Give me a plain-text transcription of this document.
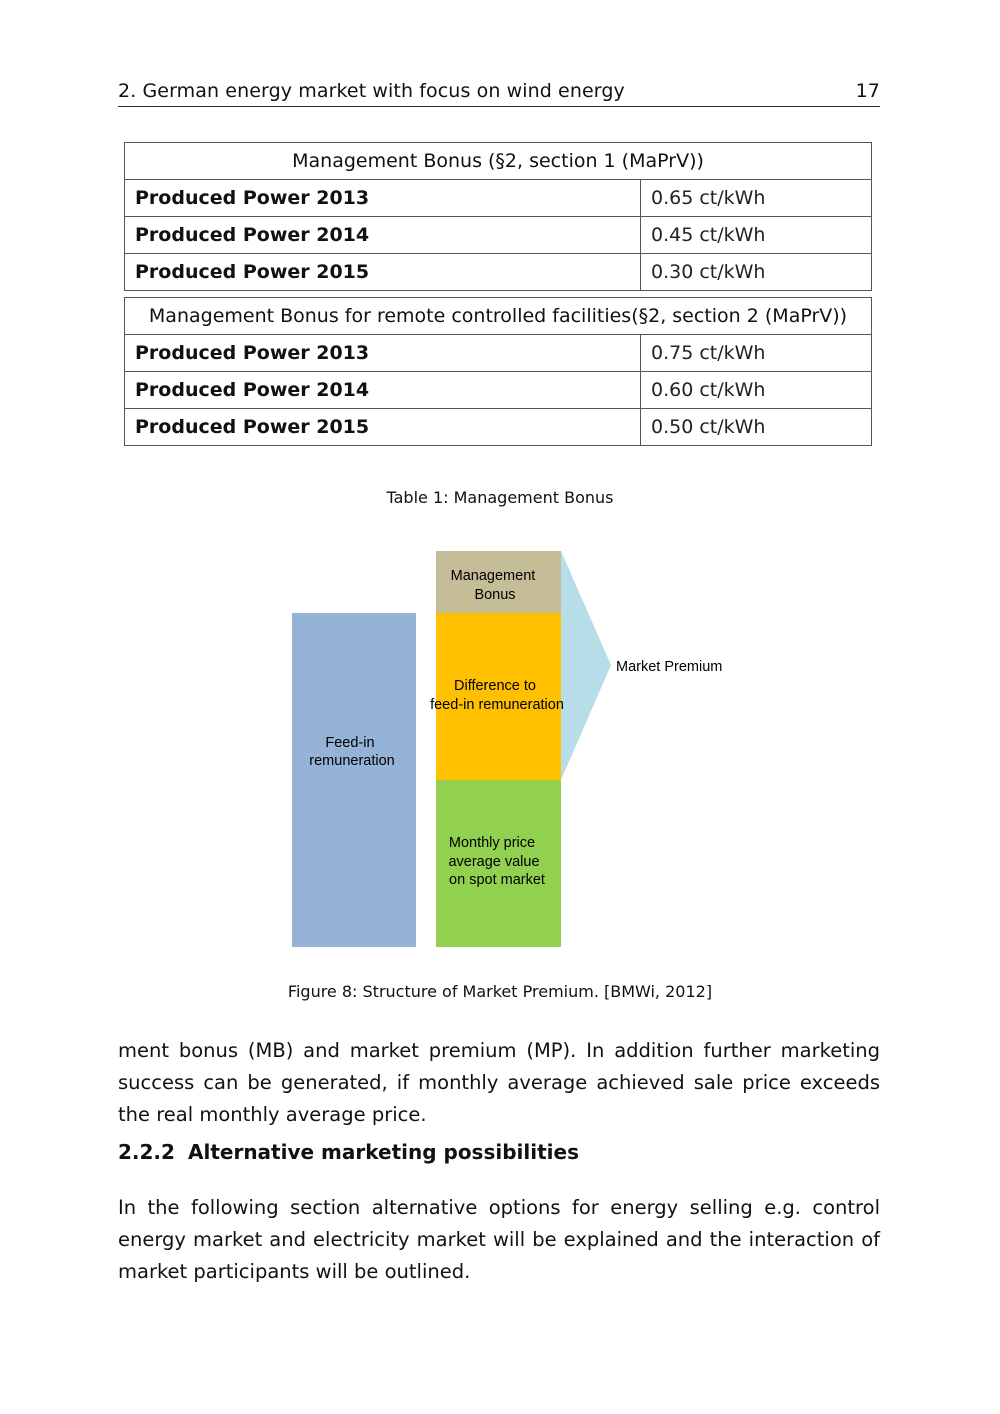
2. German energy market with focus on wind energy	17
Management Bonus (§2, section 1 (MaPrV))	
Produced Power 2013	0.65 ct/kWh
Produced Power 2014	0.45 ct/kWh
Produced Power 2015	0.30 ct/kWh
Management Bonus for remote controlled facilities(§2, section 2 (MaPrV))	
Produced Power 2013	0.75 ct/kWh
Produced Power 2014	0.60 ct/kWh
Produced Power 2015	0.50 ct/kWh
Table 1: Management Bonus
Feed-in remuneration
Management Bonus
Difference to feed-in remuneration
Monthly price average value on spot market
Market Premium
Figure 8: Structure of Market Premium. [BMWi, 2012]
ment bonus (MB) and market premium (MP). In addition further marketing success can be generated, if monthly average achieved sale price exceeds the real monthly average price.
2.2.2 Alternative marketing possibilities
In the following section alternative options for energy selling e.g. control energy market and electricity market will be explained and the interaction of market participants will be outlined.
